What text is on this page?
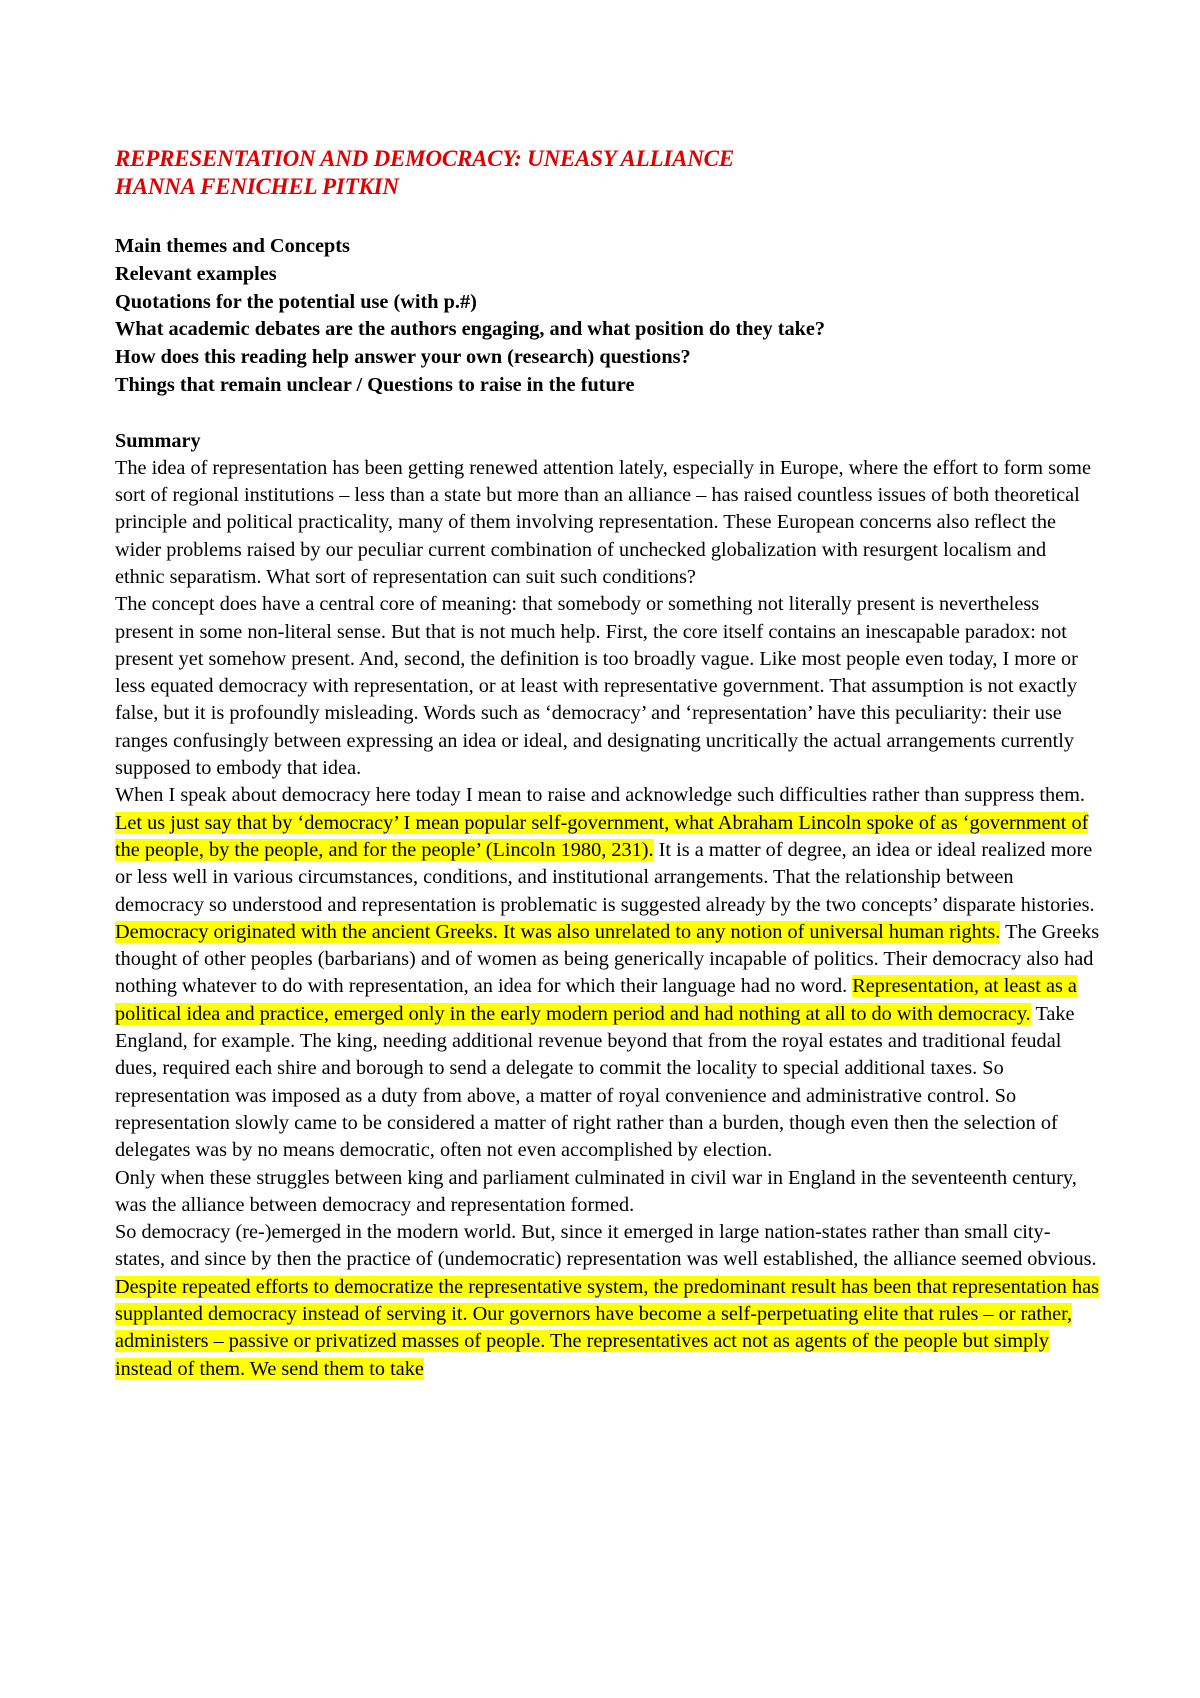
REPRESENTATION AND DEMOCRACY: UNEASY ALLIANCE
HANNA FENICHEL PITKIN
Main themes and Concepts
Relevant examples
Quotations for the potential use (with p.#)
What academic debates are the authors engaging, and what position do they take?
How does this reading help answer your own (research) questions?
Things that remain unclear / Questions to raise in the future
Summary

The idea of representation has been getting renewed attention lately, especially in Europe, where the effort to form some sort of regional institutions – less than a state but more than an alliance – has raised countless issues of both theoretical principle and political practicality, many of them involving representation. These European concerns also reflect the wider problems raised by our peculiar current combination of unchecked globalization with resurgent localism and ethnic separatism. What sort of representation can suit such conditions?

The concept does have a central core of meaning: that somebody or something not literally present is nevertheless present in some non-literal sense. But that is not much help. First, the core itself contains an inescapable paradox: not present yet somehow present. And, second, the definition is too broadly vague. Like most people even today, I more or less equated democracy with representation, or at least with representative government. That assumption is not exactly false, but it is profoundly misleading. Words such as ‘democracy’ and ‘representation’ have this peculiarity: their use ranges confusingly between expressing an idea or ideal, and designating uncritically the actual arrangements currently supposed to embody that idea.

When I speak about democracy here today I mean to raise and acknowledge such difficulties rather than suppress them. Let us just say that by ‘democracy’ I mean popular self-government, what Abraham Lincoln spoke of as ‘government of the people, by the people, and for the people’ (Lincoln 1980, 231). It is a matter of degree, an idea or ideal realized more or less well in various circumstances, conditions, and institutional arrangements. That the relationship between democracy so understood and representation is problematic is suggested already by the two concepts’ disparate histories. Democracy originated with the ancient Greeks. It was also unrelated to any notion of universal human rights. The Greeks thought of other peoples (barbarians) and of women as being generically incapable of politics. Their democracy also had nothing whatever to do with representation, an idea for which their language had no word. Representation, at least as a political idea and practice, emerged only in the early modern period and had nothing at all to do with democracy. Take England, for example. The king, needing additional revenue beyond that from the royal estates and traditional feudal dues, required each shire and borough to send a delegate to commit the locality to special additional taxes. So representation was imposed as a duty from above, a matter of royal convenience and administrative control. So representation slowly came to be considered a matter of right rather than a burden, though even then the selection of delegates was by no means democratic, often not even accomplished by election.

Only when these struggles between king and parliament culminated in civil war in England in the seventeenth century, was the alliance between democracy and representation formed.

So democracy (re-)emerged in the modern world. But, since it emerged in large nation-states rather than small city-states, and since by then the practice of (undemocratic) representation was well established, the alliance seemed obvious.

Despite repeated efforts to democratize the representative system, the predominant result has been that representation has supplanted democracy instead of serving it. Our governors have become a self-perpetuating elite that rules – or rather, administers – passive or privatized masses of people. The representatives act not as agents of the people but simply instead of them. We send them to take
